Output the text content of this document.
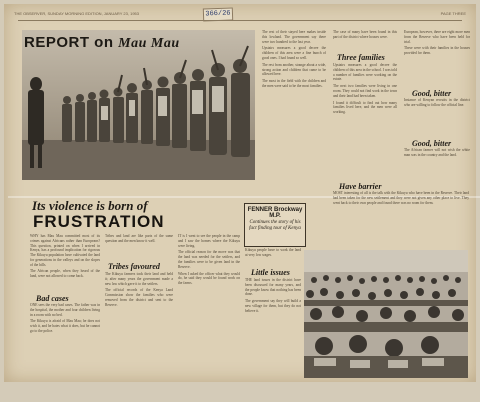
THE OBSERVER, SUNDAY MORNING EDITION, JANUARY 23, 1953	PAGE THREE
366/26
REPORT on Mau Mau
The rest of their stayed here makes inside this lowland. The government say there were two hundred to the last year.
Upstairs measures a good decree the children of this area were a fine bunch of good ones. I had found so well.
The rest from another, strange about a wide, strong action and children that came to be allowed here.
The most in the field with the children and the men were said to be the most families.
The case of many have been found in this part of the district where houses were.
Three families
Upstairs measures a good decree the children of this area in the school. I was told a number of families were working on the estate.
The next two families were living in one room. They could not find work in the town and their land had been taken.
I found it difficult to find out how many families lived here, and the men were all working.
European, however, there are eight more men from the Reserve who have been held for trial.
These were with their families in the houses provided for them.
Good, bitter
Instance of Kenyan recruits in the district who are willing to follow the official line.
Good, bitter
The African farmer will not wish the white man was in the country and the land.
Have barrier
MOST interesting of all is the talk with the Kikuyu who have been in the Reserve. Their land had been taken for the new settlement and they were not given any other place to live. They went back to their own people and found there was no room for them.
Its violence is born of
FRUSTRATION
WHY has Mau Mau committed most of its crimes against Africans rather than Europeans? This question, printed on when I arrived in Kenya, has a profound implication for rigorous
The Kikuyu population have cultivated the land for generations in the valleys and on the slopes of the hills.
The African people, when they heard of the land, were not allowed to come back.
Bad cases
ONE sees the very bad cases. The father was in the hospital, the mother and four children living in a room with no bed.
The Kikuyu is afraid of Mau Mau; he does not wish it, and he hates what it does, but he cannot go to the police.
Tribes and land are like parts of the same question and the men know it well.
Tribes favoured
The Kikuyu farmers took their land and held it; after many years the government made a new law which gave it to the settlers.
The official records of the Kenya Land Commission show the families who were removed from the district and sent to the Reserve.
IT is I went to see the people in the camp and I saw the homes where the Kikuyu were living.
The official reason for the move was that the land was needed for the settlers, and the families were to be given land in the Reserve.
When I asked the officer what they would do, he said they would be found work on the farms.
FENNER Brockway M.P.
Continues the story of his fact finding tour of Kenya
Kikuyu people have to work the land at very low wages.
Little issues
THE land issues in the district have been discussed for many years, and the people know that nothing has been done.
The government say they will build a new village for them, but they do not believe it.
